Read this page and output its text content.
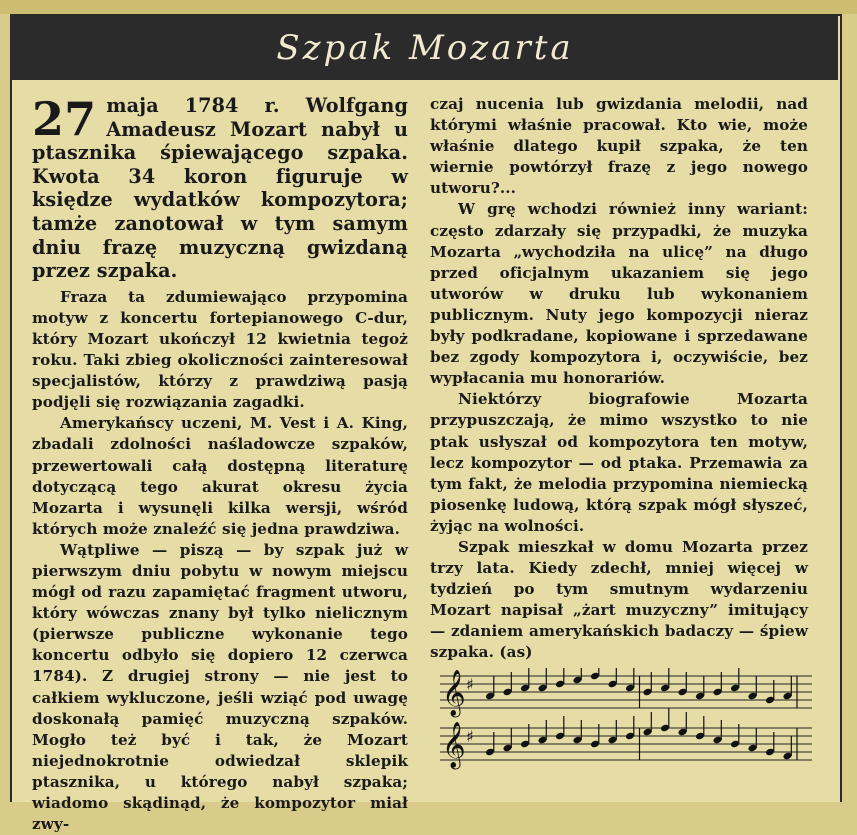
Szpak Mozarta

27 maja 1784 r. Wolfgang Amadeusz Mozart nabył u ptasznika śpiewającego szpaka. Kwota 34 koron figuruje w księdze wydatków kompozytora; tamże zanotował w tym samym dniu frazę muzyczną gwizdaną przez szpaka.

Fraza ta zdumiewająco przypomina motyw z koncertu fortepianowego C-dur, który Mozart ukończył 12 kwietnia tegoż roku. Taki zbieg okoliczności zainteresował specjalistów, którzy z prawdziwą pasją podjęli się rozwiązania zagadki.

Amerykańscy uczeni, M. Vest i A. King, zbadali zdolności naśladowcze szpaków, przewertowali całą dostępną literaturę dotyczącą tego akurat okresu życia Mozarta i wysunęli kilka wersji, wśród których może znaleźć się jedna prawdziwa.

Wątpliwe — piszą — by szpak już w pierwszym dniu pobytu w nowym miejscu mógł od razu zapamiętać fragment utworu, który wówczas znany był tylko nielicznym (pierwsze publiczne wykonanie tego koncertu odbyło się dopiero 12 czerwca 1784). Z drugiej strony — nie jest to całkiem wykluczone, jeśli wziąć pod uwagę doskonałą pamięć muzyczną szpaków. Mogło też być i tak, że Mozart niejednokrotnie odwiedzał sklepik ptasznika, u którego nabył szpaka; wiadomo skądinąd, że kompozytor miał zwy-

czaj nucenia lub gwizdania melodii, nad którymi właśnie pracował. Kto wie, może właśnie dlatego kupił szpaka, że ten wiernie powtórzył frazę z jego nowego utworu?...

W grę wchodzi również inny wariant: często zdarzały się przypadki, że muzyka Mozarta „wychodziła na ulicę” na długo przed oficjalnym ukazaniem się jego utworów w druku lub wykonaniem publicznym. Nuty jego kompozycji nieraz były podkradane, kopiowane i sprzedawane bez zgody kompozytora i, oczywiście, bez wypłacania mu honorariów.

Niektórzy biografowie Mozarta przypuszczają, że mimo wszystko to nie ptak usłyszał od kompozytora ten motyw, lecz kompozytor — od ptaka. Przemawia za tym fakt, że melodia przypomina niemiecką piosenkę ludową, którą szpak mógł słyszeć, żyjąc na wolności.

Szpak mieszkał w domu Mozarta przez trzy lata. Kiedy zdechł, mniej więcej w tydzień po tym smutnym wydarzeniu Mozart napisał „żart muzyczny” imitujący — zdaniem amerykańskich badaczy — śpiew szpaka. (as)

𝄞 ♯
𝄞 ♯
